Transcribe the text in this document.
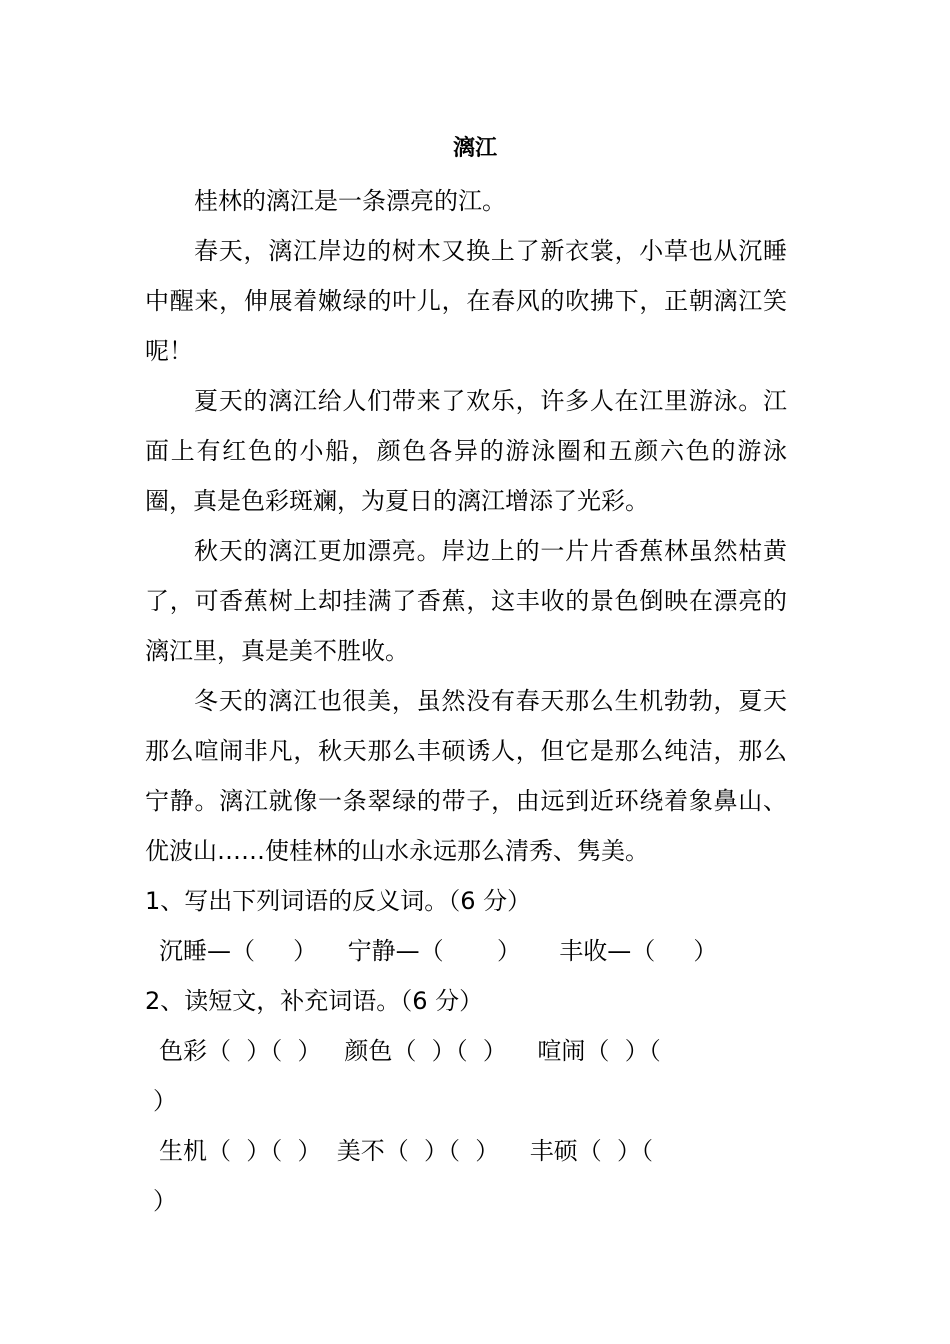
漓江

桂林的漓江是一条漂亮的江。

春天，漓江岸边的树木又换上了新衣裳，小草也从沉睡中醒来，伸展着嫩绿的叶儿，在春风的吹拂下，正朝漓江笑呢！

夏天的漓江给人们带来了欢乐，许多人在江里游泳。江面上有红色的小船，颜色各异的游泳圈和五颜六色的游泳圈，真是色彩斑斓，为夏日的漓江增添了光彩。

秋天的漓江更加漂亮。岸边上的一片片香蕉林虽然枯黄了，可香蕉树上却挂满了香蕉，这丰收的景色倒映在漂亮的漓江里，真是美不胜收。

冬天的漓江也很美，虽然没有春天那么生机勃勃，夏天那么喧闹非凡，秋天那么丰硕诱人，但它是那么纯洁，那么宁静。漓江就像一条翠绿的带子，由远到近环绕着象鼻山、优波山……使桂林的山水永远那么清秀、隽美。

1、写出下列词语的反义词。（6 分）

沉睡—（     ）    宁静—（       ）     丰收—（     ）

2、读短文，补充词语。（6 分）

色彩（  ）（  ）   颜色（  ）（  ）    喧闹（  ）（

）

生机（  ）（  ）  美不（  ）（  ）    丰硕（  ）（

）
